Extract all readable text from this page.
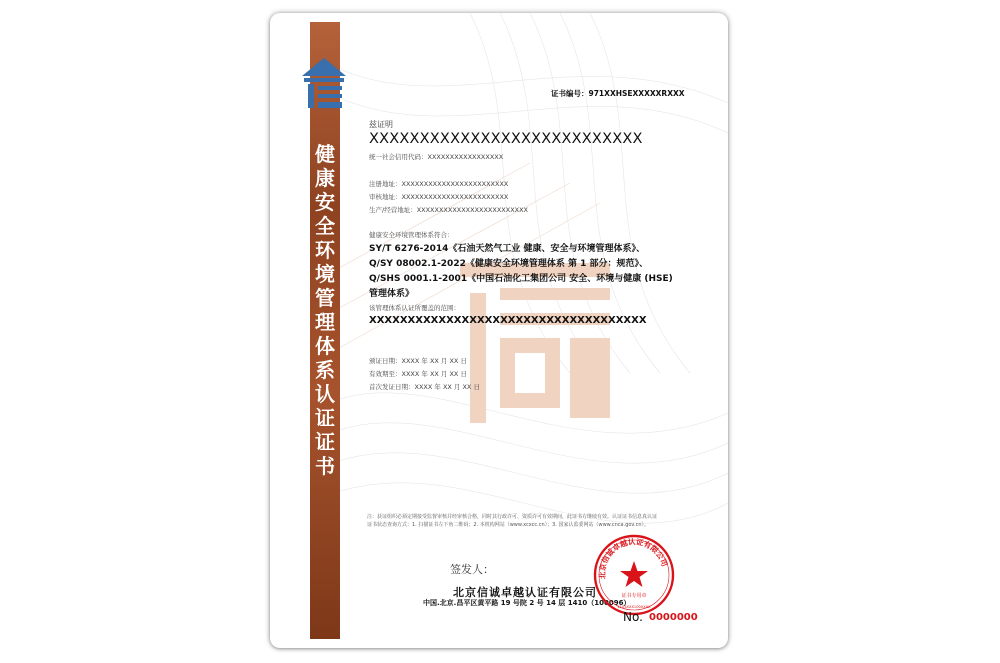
健
康
安
全
环
境
管
理
体
系
认
证
证
书
证书编号：971XXHSEXXXXXRXXX
兹证明
XXXXXXXXXXXXXXXXXXXXXXXXXXX
统一社会信用代码：XXXXXXXXXXXXXXXXX
注册地址：XXXXXXXXXXXXXXXXXXXXXXXX
审核地址：XXXXXXXXXXXXXXXXXXXXXXXX
生产/经营地址：XXXXXXXXXXXXXXXXXXXXXXXXX
健康安全环境管理体系符合：
SY/T 6276-2014《石油天然气工业 健康、安全与环境管理体系》、
Q/SY 08002.1-2022《健康安全环境管理体系 第 1 部分：规范》、
Q/SHS 0001.1-2001《中国石油化工集团公司 安全、环境与健康 (HSE)
管理体系》
该管理体系认证所覆盖的范围：
XXXXXXXXXXXXXXXXXXXXXXXXXXXXXXXXXXXX
颁证日期：XXXX 年 XX 月 XX 日
有效期至：XXXX 年 XX 月 XX 日
首次发证日期：XXXX 年 XX 月 XX 日
注：获证组织必须定期接受监督审核并经审核合格，同时其行政许可、资质许可有效期间，此证书方继续有效。认证证书信息真认证
证书状态查询方式：1. 扫描证书左下角二维码；2. 本机构网站（www.xcxcc.cn）；3. 国家认监委网站（www.cnca.gov.cn）。
签发人：
北京信诚卓越认证有限公司
中国.北京.昌平区黄平路 19 号院 2 号 14 层 1410（100096）
北京信诚卓越认证有限公司
证书专用章
1103XXX100XXXX
No. 0000000
